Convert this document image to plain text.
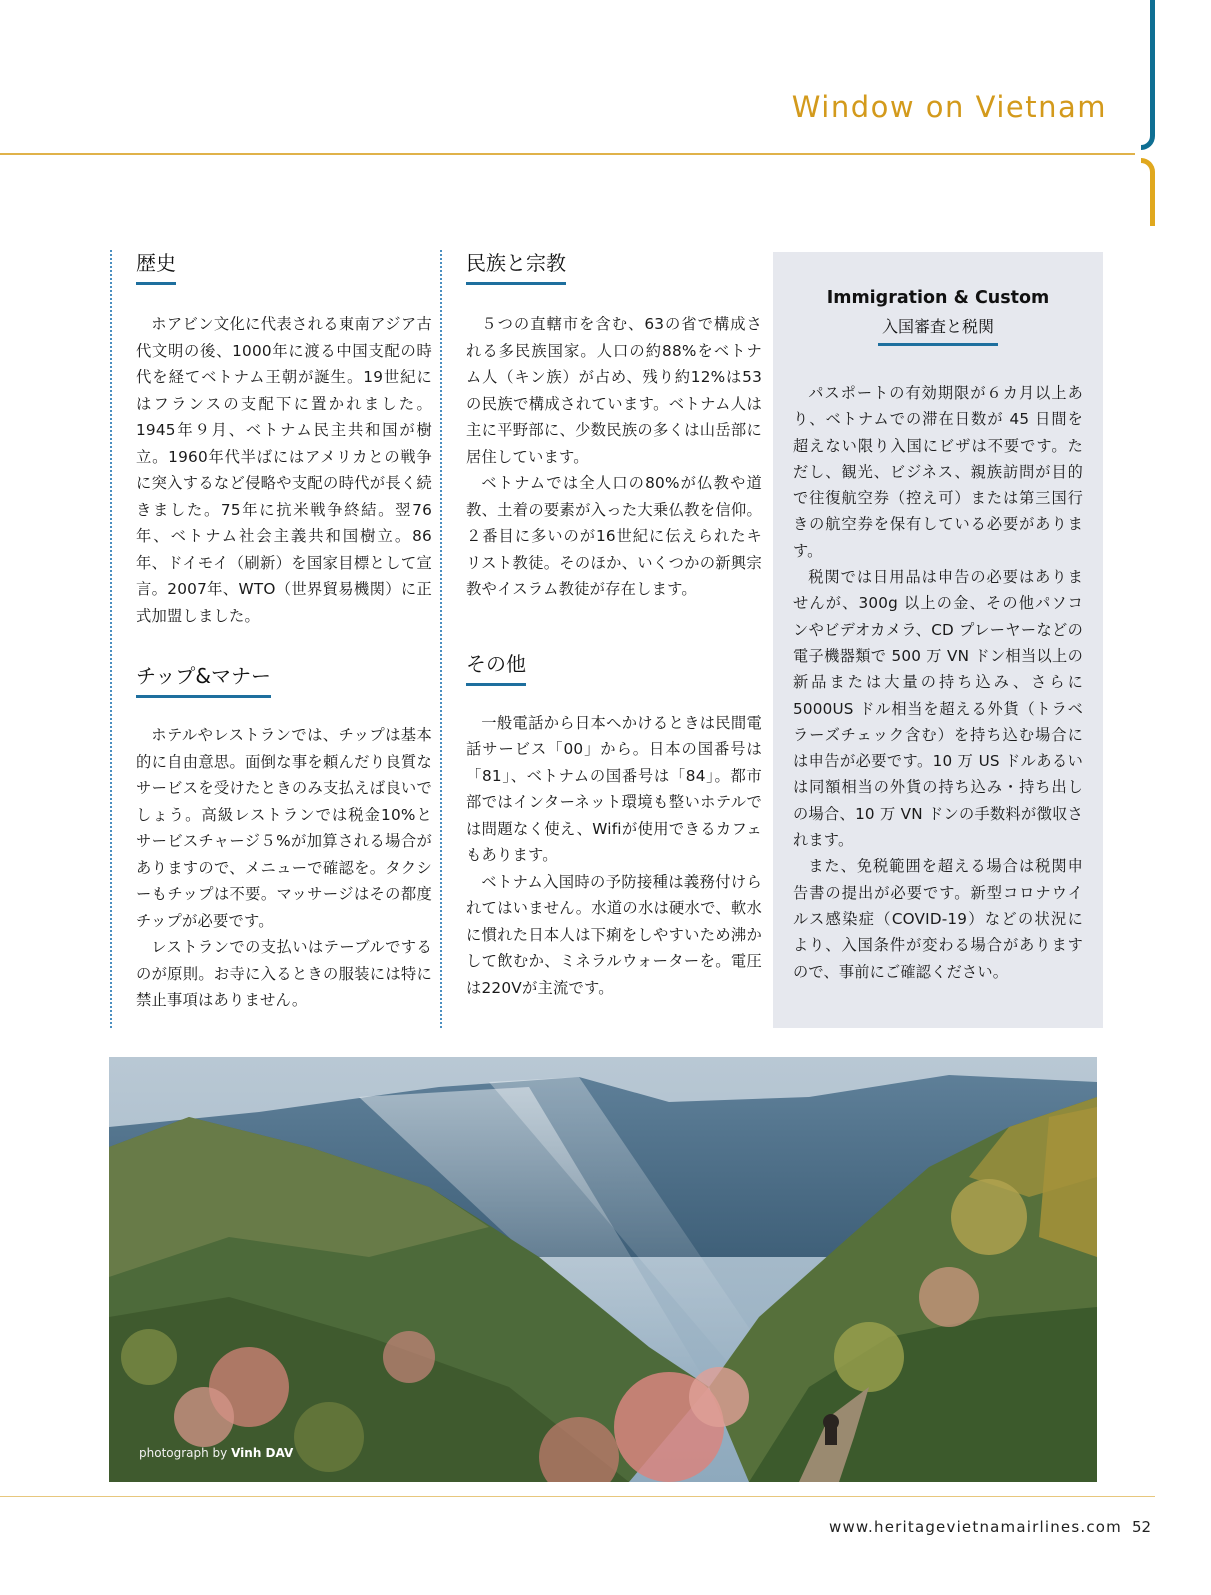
Window on Vietnam
歴史

ホアビン文化に代表される東南アジア古代文明の後、1000年に渡る中国支配の時代を経てベトナム王朝が誕生。19世紀にはフランスの支配下に置かれました。1945年９月、ベトナム民主共和国が樹立。1960年代半ばにはアメリカとの戦争に突入するなど侵略や支配の時代が長く続きました。75年に抗米戦争終結。翌76年、ベトナム社会主義共和国樹立。86年、ドイモイ（刷新）を国家目標として宣言。2007年、WTO（世界貿易機関）に正式加盟しました。

チップ&マナー

ホテルやレストランでは、チップは基本的に自由意思。面倒な事を頼んだり良質なサービスを受けたときのみ支払えば良いでしょう。高級レストランでは税金10%とサービスチャージ５%が加算される場合がありますので、メニューで確認を。タクシーもチップは不要。マッサージはその都度チップが必要です。

レストランでの支払いはテーブルでするのが原則。お寺に入るときの服装には特に禁止事項はありません。

民族と宗教

５つの直轄市を含む、63の省で構成される多民族国家。人口の約88%をベトナム人（キン族）が占め、残り約12%は53の民族で構成されています。ベトナム人は主に平野部に、少数民族の多くは山岳部に居住しています。

ベトナムでは全人口の80%が仏教や道教、土着の要素が入った大乗仏教を信仰。２番目に多いのが16世紀に伝えられたキリスト教徒。そのほか、いくつかの新興宗教やイスラム教徒が存在します。

その他

一般電話から日本へかけるときは民間電話サービス「00」から。日本の国番号は「81」、ベトナムの国番号は「84」。都市部ではインターネット環境も整いホテルでは問題なく使え、Wifiが使用できるカフェもあります。

ベトナム入国時の予防接種は義務付けられてはいません。水道の水は硬水で、軟水に慣れた日本人は下痢をしやすいため沸かして飲むか、ミネラルウォーターを。電圧は220Vが主流です。

Immigration & Custom
入国審査と税関

パスポートの有効期限が６カ月以上あり、ベトナムでの滞在日数が 45 日間を超えない限り入国にビザは不要です。ただし、観光、ビジネス、親族訪問が目的で往復航空券（控え可）または第三国行きの航空券を保有している必要があります。

税関では日用品は申告の必要はありませんが、300g 以上の金、その他パソコンやビデオカメラ、CD プレーヤーなどの電子機器類で 500 万 VN ドン相当以上の新品または大量の持ち込み、さらに 5000US ドル相当を超える外貨（トラベラーズチェック含む）を持ち込む場合には申告が必要です。10 万 US ドルあるいは同額相当の外貨の持ち込み・持ち出しの場合、10 万 VN ドンの手数料が徴収されます。

また、免税範囲を超える場合は税関申告書の提出が必要です。新型コロナウイルス感染症（COVID-19）などの状況により、入国条件が変わる場合がありますので、事前にご確認ください。

photograph by Vinh DAV
www.heritagevietnamairlines.com 52
